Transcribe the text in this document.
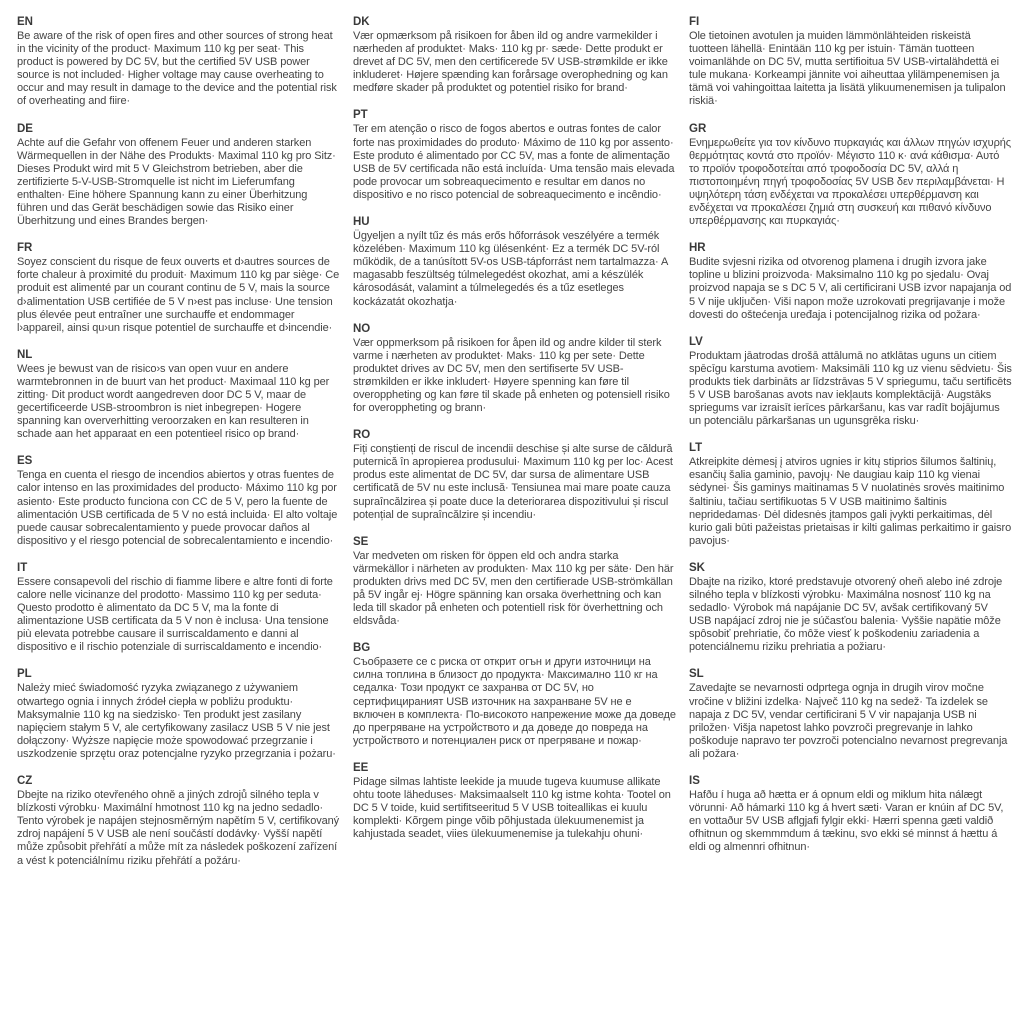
EN

Be aware of the risk of open fires and other sources of strong heat in the vicinity of the product· Maximum 110 kg per seat· This product is powered by DC 5V, but the certified 5V USB power source is not included· Higher voltage may cause overheating to occur and may result in damage to the device and the potential risk of overheating and fiire·

DE

Achte auf die Gefahr von offenem Feuer und anderen starken Wärmequellen in der Nähe des Produkts· Maximal 110 kg pro Sitz· Dieses Produkt wird mit 5 V Gleichstrom betrieben, aber die zertifizierte 5-V-USB-Stromquelle ist nicht im Lieferumfang enthalten· Eine höhere Spannung kann zu einer Überhitzung führen und das Gerät beschädigen sowie das Risiko einer Überhitzung und eines Brandes bergen·

FR

Soyez conscient du risque de feux ouverts et d›autres sources de forte chaleur à proximité du produit· Maximum 110 kg par siège· Ce produit est alimenté par un courant continu de 5 V, mais la source d›alimentation USB certifiée de 5 V n›est pas incluse· Une tension plus élevée peut entraîner une surchauffe et endommager l›appareil, ainsi qu›un risque potentiel de surchauffe et d›incendie·

NL

Wees je bewust van de risico›s van open vuur en andere warmtebronnen in de buurt van het product· Maximaal 110 kg per zitting· Dit product wordt aangedreven door DC 5 V, maar de gecertificeerde USB-stroombron is niet inbegrepen· Hogere spanning kan oververhitting veroorzaken en kan resulteren in schade aan het apparaat en een potentieel risico op brand·

ES

Tenga en cuenta el riesgo de incendios abiertos y otras fuentes de calor intenso en las proximidades del producto· Máximo 110 kg por asiento· Este producto funciona con CC de 5 V, pero la fuente de alimentación USB certificada de 5 V no está incluida· El alto voltaje puede causar sobrecalentamiento y puede provocar daños al dispositivo y el riesgo potencial de sobrecalentamiento e incendio·

IT

Essere consapevoli del rischio di fiamme libere e altre fonti di forte calore nelle vicinanze del prodotto· Massimo 110 kg per seduta· Questo prodotto è alimentato da DC 5 V, ma la fonte di alimentazione USB certificata da 5 V non è inclusa· Una tensione più elevata potrebbe causare il surriscaldamento e danni al dispositivo e il rischio potenziale di surriscaldamento e incendio·

PL

Należy mieć świadomość ryzyka związanego z używaniem otwartego ognia i innych źródeł ciepła w pobliżu produktu· Maksymalnie 110 kg na siedzisko· Ten produkt jest zasilany napięciem stałym 5 V, ale certyfikowany zasilacz USB 5 V nie jest dołączony· Wyższe napięcie może spowodować przegrzanie i uszkodzenie sprzętu oraz potencjalne ryzyko przegrzania i pożaru·

CZ

Dbejte na riziko otevřeného ohně a jiných zdrojů silného tepla v blízkosti výrobku· Maximální hmotnost 110 kg na jedno sedadlo· Tento výrobek je napájen stejnosměrným napětím 5 V, certifikovaný zdroj napájení 5 V USB ale není součástí dodávky· Vyšší napětí může způsobit přehřátí a může mít za následek poškození zařízení a vést k potenciálnímu riziku přehřátí a požáru·

DK

Vær opmærksom på risikoen for åben ild og andre varmekilder i nærheden af produktet· Maks· 110 kg pr· sæde· Dette produkt er drevet af DC 5V, men den certificerede 5V USB-strømkilde er ikke inkluderet· Højere spænding kan forårsage overophedning og kan medføre skader på produktet og potentiel risiko for brand·

PT

Ter em atenção o risco de fogos abertos e outras fontes de calor forte nas proximidades do produto· Máximo de 110 kg por assento· Este produto é alimentado por CC 5V, mas a fonte de alimentação USB de 5V certificada não está incluída· Uma tensão mais elevada pode provocar um sobreaquecimento e resultar em danos no dispositivo e no risco potencial de sobreaquecimento e incêndio·

HU

Ügyeljen a nyílt tűz és más erős hőforrások veszélyére a termék közelében· Maximum 110 kg ülésenként· Ez a termék DC 5V-ról működik, de a tanúsított 5V-os USB-tápforrást nem tartalmazza· A magasabb feszültség túlmelegedést okozhat, ami a készülék károsodását, valamint a túlmelegedés és a tűz esetleges kockázatát okozhatja·

NO

Vær oppmerksom på risikoen for åpen ild og andre kilder til sterk varme i nærheten av produktet· Maks· 110 kg per sete· Dette produktet drives av DC 5V, men den sertifiserte 5V USB-strømkilden er ikke inkludert· Høyere spenning kan føre til overoppheting og kan føre til skade på enheten og potensiell risiko for overoppheting og brann·

RO

Fiți conștienți de riscul de incendii deschise și alte surse de căldură puternică în apropierea produsului· Maximum 110 kg per loc· Acest produs este alimentat de DC 5V, dar sursa de alimentare USB certificată de 5V nu este inclusă· Tensiunea mai mare poate cauza supraîncălzirea și poate duce la deteriorarea dispozitivului și riscul potențial de supraîncălzire și incendiu·

SE

Var medveten om risken för öppen eld och andra starka värmekällor i närheten av produkten· Max 110 kg per säte· Den här produkten drivs med DC 5V, men den certifierade USB-strömkällan på 5V ingår ej· Högre spänning kan orsaka överhettning och kan leda till skador på enheten och potentiell risk för överhettning och eldsvåda·

BG

Съобразете се с риска от открит огън и други източници на силна топлина в близост до продукта· Максимално 110 кг на седалка· Този продукт се захранва от DC 5V, но сертифицираният USB източник на захранване 5V не е включен в комплекта· По-високото напрежение може да доведе до прегряване на устройството и да доведе до повреда на устройството и потенциален риск от прегряване и пожар·

EE

Pidage silmas lahtiste leekide ja muude tugeva kuumuse allikate ohtu toote läheduses· Maksimaalselt 110 kg istme kohta· Tootel on DC 5 V toide, kuid sertifitseeritud 5 V USB toiteallikas ei kuulu komplekti· Kõrgem pinge võib põhjustada ülekuumenemist ja kahjustada seadet, viies ülekuumenemise ja tulekahju ohuni·

FI

Ole tietoinen avotulen ja muiden lämmönlähteiden riskeistä tuotteen lähellä· Enintään 110 kg per istuin· Tämän tuotteen voimanlähde on DC 5V, mutta sertifioitua 5V USB-virtalähdettä ei tule mukana· Korkeampi jännite voi aiheuttaa ylilämpenemisen ja tämä voi vahingoittaa laitetta ja lisätä ylikuumenemisen ja tulipalon riskiä·

GR

Ενημερωθείτε για τον κίνδυνο πυρκαγιάς και άλλων πηγών ισχυρής θερμότητας κοντά στο προϊόν· Μέγιστο 110 κ· ανά κάθισμα· Αυτό το προϊόν τροφοδοτείται από τροφοδοσία DC 5V, αλλά η πιστοποιημένη πηγή τροφοδοσίας 5V USB δεν περιλαμβάνεται· Η υψηλότερη τάση ενδέχεται να προκαλέσει υπερθέρμανση και ενδέχεται να προκαλέσει ζημιά στη συσκευή και πιθανό κίνδυνο υπερθέρμανσης και πυρκαγιάς·

HR

Budite svjesni rizika od otvorenog plamena i drugih izvora jake topline u blizini proizvoda· Maksimalno 110 kg po sjedalu· Ovaj proizvod napaja se s DC 5 V, ali certificirani USB izvor napajanja od 5 V nije uključen· Viši napon može uzrokovati pregrijavanje i može dovesti do oštećenja uređaja i potencijalnog rizika od požara·

LV

Produktam jāatrodas drošā attālumā no atklātas uguns un citiem spēcīgu karstuma avotiem· Maksimāli 110 kg uz vienu sēdvietu· Šis produkts tiek darbināts ar līdzstrāvas 5 V spriegumu, taču sertificēts 5 V USB barošanas avots nav iekļauts komplektācijā· Augstāks spriegums var izraisīt ierīces pārkaršanu, kas var radīt bojājumus un potenciālu pārkaršanas un ugunsgrēka risku·

LT

Atkreipkite dėmesį į atviros ugnies ir kitų stiprios šilumos šaltinių, esančių šalia gaminio, pavojų· Ne daugiau kaip 110 kg vienai sėdynei· Šis gaminys maitinamas 5 V nuolatinės srovės maitinimo šaltiniu, tačiau sertifikuotas 5 V USB maitinimo šaltinis nepridedamas· Dėl didesnės įtampos gali įvykti perkaitimas, dėl kurio gali būti pažeistas prietaisas ir kilti galimas perkaitimo ir gaisro pavojus·

SK

Dbajte na riziko, ktoré predstavuje otvorený oheň alebo iné zdroje silného tepla v blízkosti výrobku· Maximálna nosnosť 110 kg na sedadlo· Výrobok má napájanie DC 5V, avšak certifikovaný 5V USB napájací zdroj nie je súčasťou balenia· Vyššie napätie môže spôsobiť prehriatie, čo môže viesť k poškodeniu zariadenia a potenciálnemu riziku prehriatia a požiaru·

SL

Zavedajte se nevarnosti odprtega ognja in drugih virov močne vročine v bližini izdelka· Največ 110 kg na sedež· Ta izdelek se napaja z DC 5V, vendar certificirani 5 V vir napajanja USB ni priložen· Višja napetost lahko povzroči pregrevanje in lahko poškoduje napravo ter povzroči potencialno nevarnost pregrevanja ali požara·

IS

Hafðu í huga að hætta er á opnum eldi og miklum hita nálægt vörunni· Að hámarki 110 kg á hvert sæti· Varan er knúin af DC 5V, en vottaður 5V USB aflgjafi fylgir ekki· Hærri spenna gæti valdið ofhitnun og skemmmdum á tækinu, svo ekki sé minnst á hættu á eldi og almennri ofhitnun·
